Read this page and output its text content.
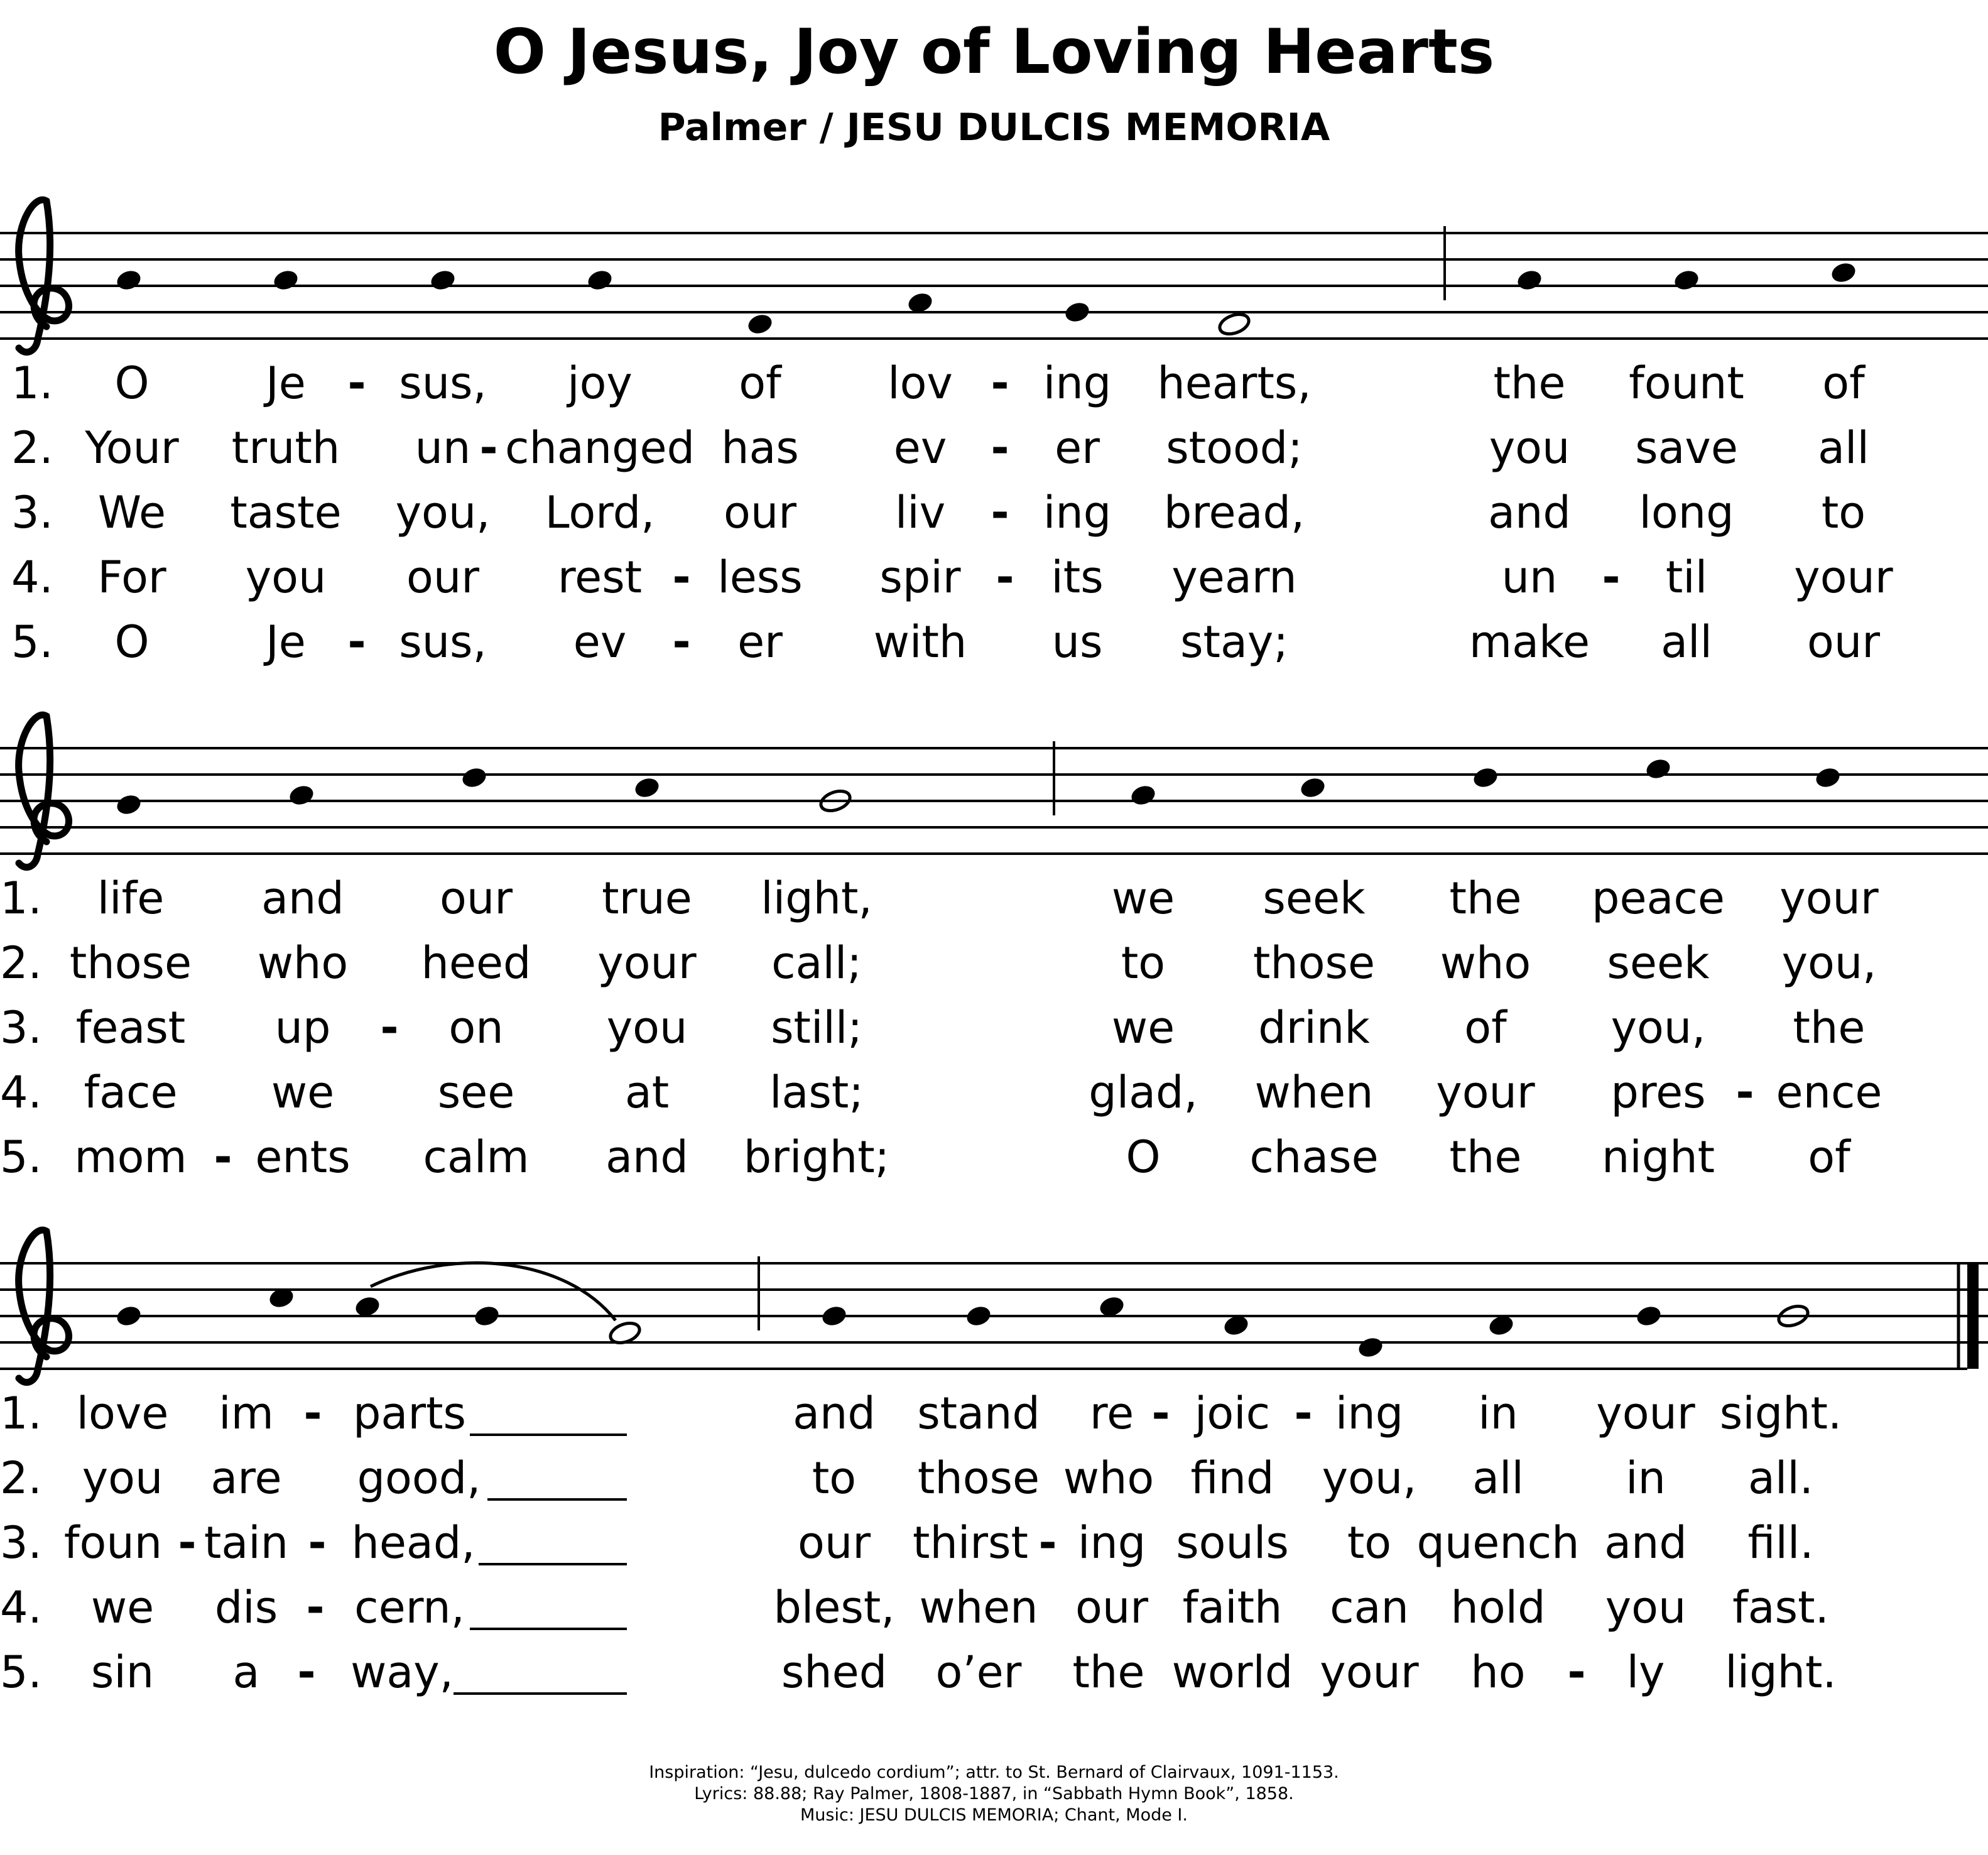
O Jesus, Joy of Loving Hearts
Palmer / JESU DULCIS MEMORIA
1. O	Je - sus, joy of lov - ing hearts,	the fount of
2. Your truth un - changed has ev - er stood;	you save all
3. We taste you, Lord, our liv - ing bread,	and long to
4. For you our rest - less spir - its yearn	un - til your
5. O	Je - sus, ev - er with us stay;	make all our
1. life and our true light,	we seek the peace your
2. those who heed your call;	to those who seek you,
3. feast up - on you still;	we drink of you, the
4. face we see	at last;	glad, when your pres - ence
5. mom - ents calm and bright;	O chase the night of
1. love im - parts	and stand re - joic - ing in your sight.
2. you are good,	to those who find you, all in all.
3. foun - tain - head,	our thirst - ing souls to quench and fill.
4. we dis - cern,	blest, when our faith can hold you fast.
5. sin a - way,	shed o’er the world your ho - ly light.
Inspiration: “Jesu, dulcedo cordium”; attr. to St. Bernard of Clairvaux, 1091-1153.
Lyrics: 88.88; Ray Palmer, 1808-1887, in “Sabbath Hymn Book”, 1858.
Music: JESU DULCIS MEMORIA; Chant, Mode I.
